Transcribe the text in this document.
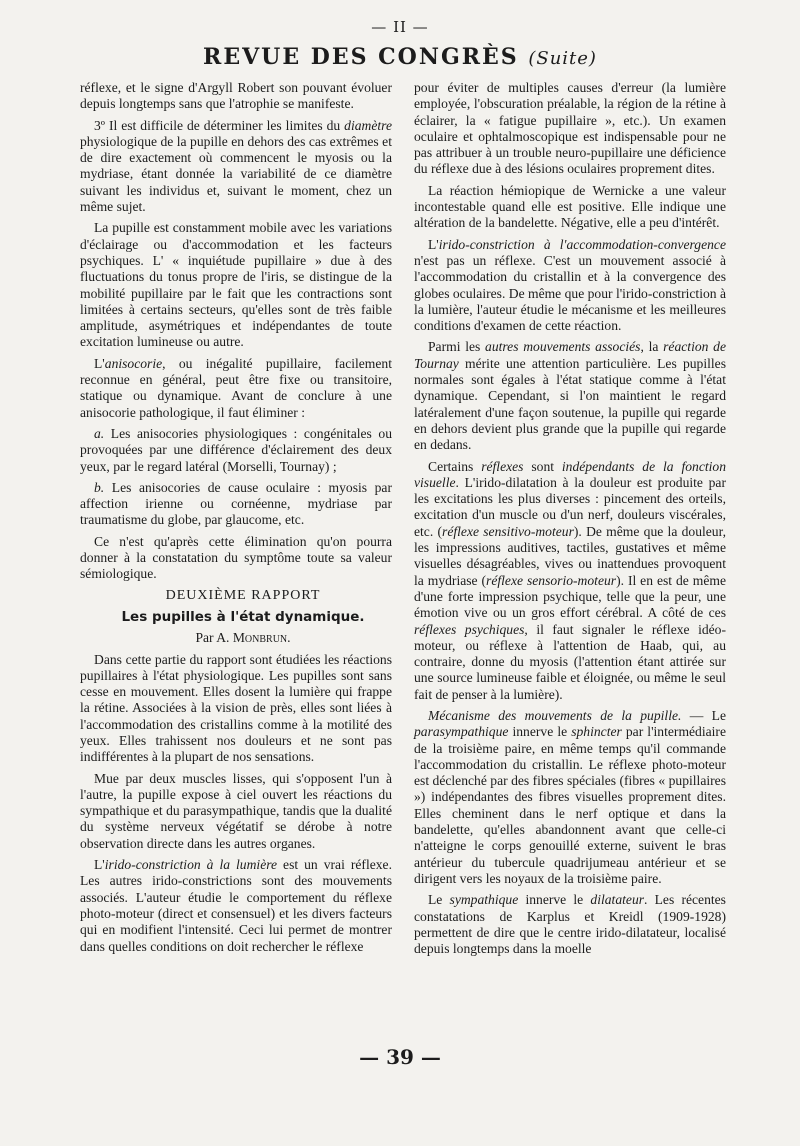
— II —
REVUE DES CONGRÈS (Suite)

réflexe, et le signe d'Argyll Robert son pouvant évoluer depuis longtemps sans que l'atrophie se manifeste.

3º Il est difficile de déterminer les limites du diamètre physiologique de la pupille en dehors des cas extrêmes et de dire exactement où commencent le myosis ou la mydriase, étant donnée la variabilité de ce diamètre suivant les individus et, suivant le moment, chez un même sujet.

La pupille est constamment mobile avec les variations d'éclairage ou d'accommodation et les facteurs psychiques. L' « inquiétude pupillaire » due à des fluctuations du tonus propre de l'iris, se distingue de la mobilité pupillaire par le fait que les contractions sont limitées à certains secteurs, qu'elles sont de très faible amplitude, asymétriques et indépendantes de toute excitation lumineuse ou autre.

L'anisocorie, ou inégalité pupillaire, facilement reconnue en général, peut être fixe ou transitoire, statique ou dynamique. Avant de conclure à une anisocorie pathologique, il faut éliminer :

a. Les anisocories physiologiques : congénitales ou provoquées par une différence d'éclairement des deux yeux, par le regard latéral (Morselli, Tournay) ;

b. Les anisocories de cause oculaire : myosis par affection irienne ou cornéenne, mydriase par traumatisme du globe, par glaucome, etc.

Ce n'est qu'après cette élimination qu'on pourra donner à la constatation du symptôme toute sa valeur sémiologique.

DEUXIÈME RAPPORT

Les pupilles à l'état dynamique.

Par A. Monbrun.

Dans cette partie du rapport sont étudiées les réactions pupillaires à l'état physiologique. Les pupilles sont sans cesse en mouvement. Elles dosent la lumière qui frappe la rétine. Associées à la vision de près, elles sont liées à l'accommodation des cristallins comme à la motilité des yeux. Elles trahissent nos douleurs et ne sont pas indifférentes à la plupart de nos sensations.

Mue par deux muscles lisses, qui s'opposent l'un à l'autre, la pupille expose à ciel ouvert les réactions du sympathique et du parasympathique, tandis que la dualité du système nerveux végétatif se dérobe à notre observation directe dans les autres organes.

L'irido-constriction à la lumière est un vrai réflexe. Les autres irido-constrictions sont des mouvements associés. L'auteur étudie le comportement du réflexe photo-moteur (direct et consensuel) et les divers facteurs qui en modifient l'intensité. Ceci lui permet de montrer dans quelles conditions on doit rechercher le réflexe

pour éviter de multiples causes d'erreur (la lumière employée, l'obscuration préalable, la région de la rétine à éclairer, la « fatigue pupillaire », etc.). Un examen oculaire et ophtalmoscopique est indispensable pour ne pas attribuer à un trouble neuro-pupillaire une déficience du réflexe due à des lésions oculaires proprement dites.

La réaction hémiopique de Wernicke a une valeur incontestable quand elle est positive. Elle indique une altération de la bandelette. Négative, elle a peu d'intérêt.

L'irido-constriction à l'accommodation-convergence n'est pas un réflexe. C'est un mouvement associé à l'accommodation du cristallin et à la convergence des globes oculaires. De même que pour l'irido-constriction à la lumière, l'auteur étudie le mécanisme et les meilleures conditions d'examen de cette réaction.

Parmi les autres mouvements associés, la réaction de Tournay mérite une attention particulière. Les pupilles normales sont égales à l'état statique comme à l'état dynamique. Cependant, si l'on maintient le regard latéralement d'une façon soutenue, la pupille qui regarde en dehors devient plus grande que la pupille qui regarde en dedans.

Certains réflexes sont indépendants de la fonction visuelle. L'irido-dilatation à la douleur est produite par les excitations les plus diverses : pincement des orteils, excitation d'un muscle ou d'un nerf, douleurs viscérales, etc. (réflexe sensitivo-moteur). De même que la douleur, les impressions auditives, tactiles, gustatives et même visuelles désagréables, vives ou inattendues provoquent la mydriase (réflexe sensorio-moteur). Il en est de même d'une forte impression psychique, telle que la peur, une émotion vive ou un gros effort cérébral. A côté de ces réflexes psychiques, il faut signaler le réflexe idéo-moteur, ou réflexe à l'attention de Haab, qui, au contraire, donne du myosis (l'attention étant attirée sur une source lumineuse faible et éloignée, ou même le seul fait de penser à la lumière).

Mécanisme des mouvements de la pupille. — Le parasympathique innerve le sphincter par l'intermédiaire de la troisième paire, en même temps qu'il commande l'accommodation du cristallin. Le réflexe photo-moteur est déclenché par des fibres spéciales (fibres « pupillaires ») indépendantes des fibres visuelles proprement dites. Elles cheminent dans le nerf optique et dans la bandelette, qu'elles abandonnent avant que celle-ci n'atteigne le corps genouillé externe, suivent le bras antérieur du tubercule quadrijumeau antérieur et se dirigent vers les noyaux de la troisième paire.

Le sympathique innerve le dilatateur. Les récentes constatations de Karplus et Kreidl (1909-1928) permettent de dire que le centre irido-dilatateur, localisé depuis longtemps dans la moelle

— 39 —
